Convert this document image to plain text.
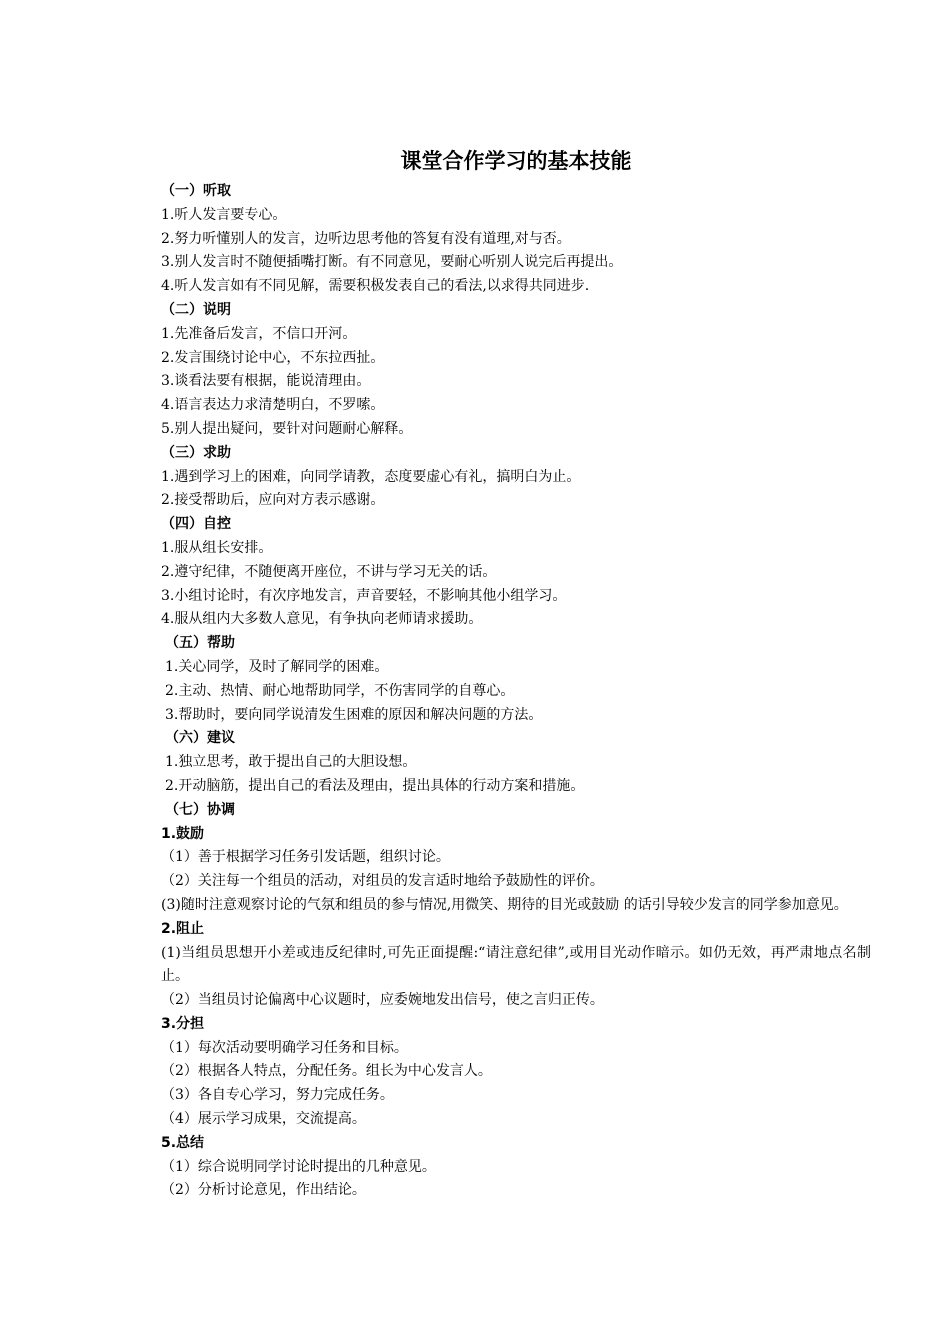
课堂合作学习的基本技能
（一）听取
1.听人发言要专心。
2.努力听懂别人的发言，边听边思考他的答复有没有道理,对与否。
3.别人发言时不随便插嘴打断。有不同意见，要耐心听别人说完后再提出。
4.听人发言如有不同见解，需要积极发表自己的看法,以求得共同进步.
（二）说明
1.先准备后发言，不信口开河。
2.发言围绕讨论中心，不东拉西扯。
3.谈看法要有根据，能说清理由。
4.语言表达力求清楚明白，不罗嗦。
5.别人提出疑问，要针对问题耐心解释。
（三）求助
1.遇到学习上的困难，向同学请教，态度要虚心有礼，搞明白为止。
2.接受帮助后，应向对方表示感谢。
（四）自控
1.服从组长安排。
2.遵守纪律，不随便离开座位，不讲与学习无关的话。
3.小组讨论时，有次序地发言，声音要轻，不影响其他小组学习。
4.服从组内大多数人意见，有争执向老师请求援助。
（五）帮助
1.关心同学，及时了解同学的困难。
2.主动、热情、耐心地帮助同学，不伤害同学的自尊心。
3.帮助时，要向同学说清发生困难的原因和解决问题的方法。
（六）建议
1.独立思考，敢于提出自己的大胆设想。
2.开动脑筋，提出自己的看法及理由，提出具体的行动方案和措施。
（七）协调
1.鼓励
（1）善于根据学习任务引发话题，组织讨论。
（2）关注每一个组员的活动，对组员的发言适时地给予鼓励性的评价。
(3)随时注意观察讨论的气氛和组员的参与情况,用微笑、期待的目光或鼓励 的话引导较少发言的同学参加意见。
2.阻止
(1)当组员思想开小差或违反纪律时,可先正面提醒:“请注意纪律”,或用目光动作暗示。如仍无效，再严肃地点名制止。
（2）当组员讨论偏离中心议题时，应委婉地发出信号，使之言归正传。
3.分担
（1）每次活动要明确学习任务和目标。
（2）根据各人特点，分配任务。组长为中心发言人。
（3）各自专心学习，努力完成任务。
（4）展示学习成果，交流提高。
5.总结
（1）综合说明同学讨论时提出的几种意见。
（2）分析讨论意见，作出结论。
